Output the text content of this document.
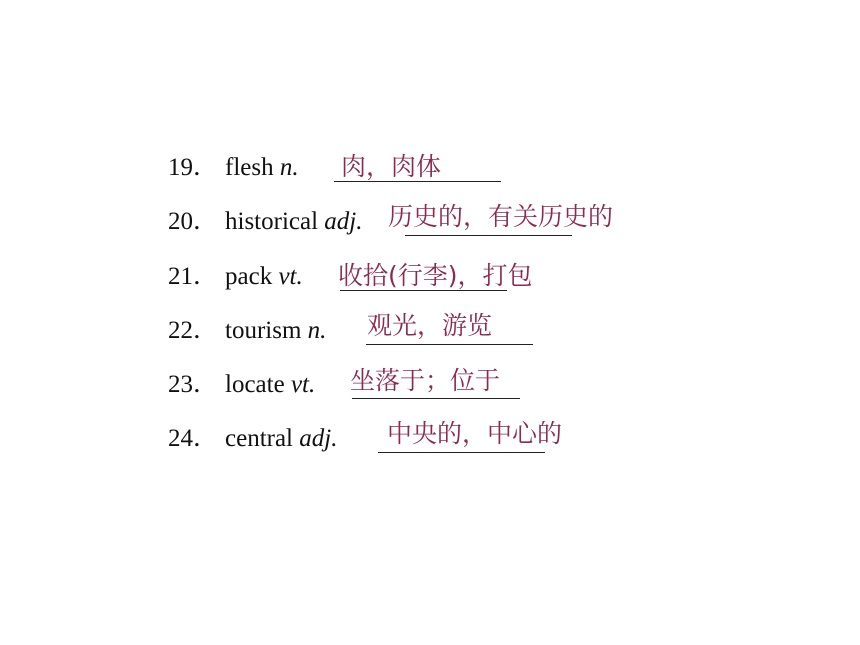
19． flesh n. 肉，肉体
20． historical adj. 历史的，有关历史的
21． pack vt. 收拾(行李)，打包
22． tourism n. 观光，游览
23． locate vt. 坐落于；位于
24． central adj. 中央的，中心的
